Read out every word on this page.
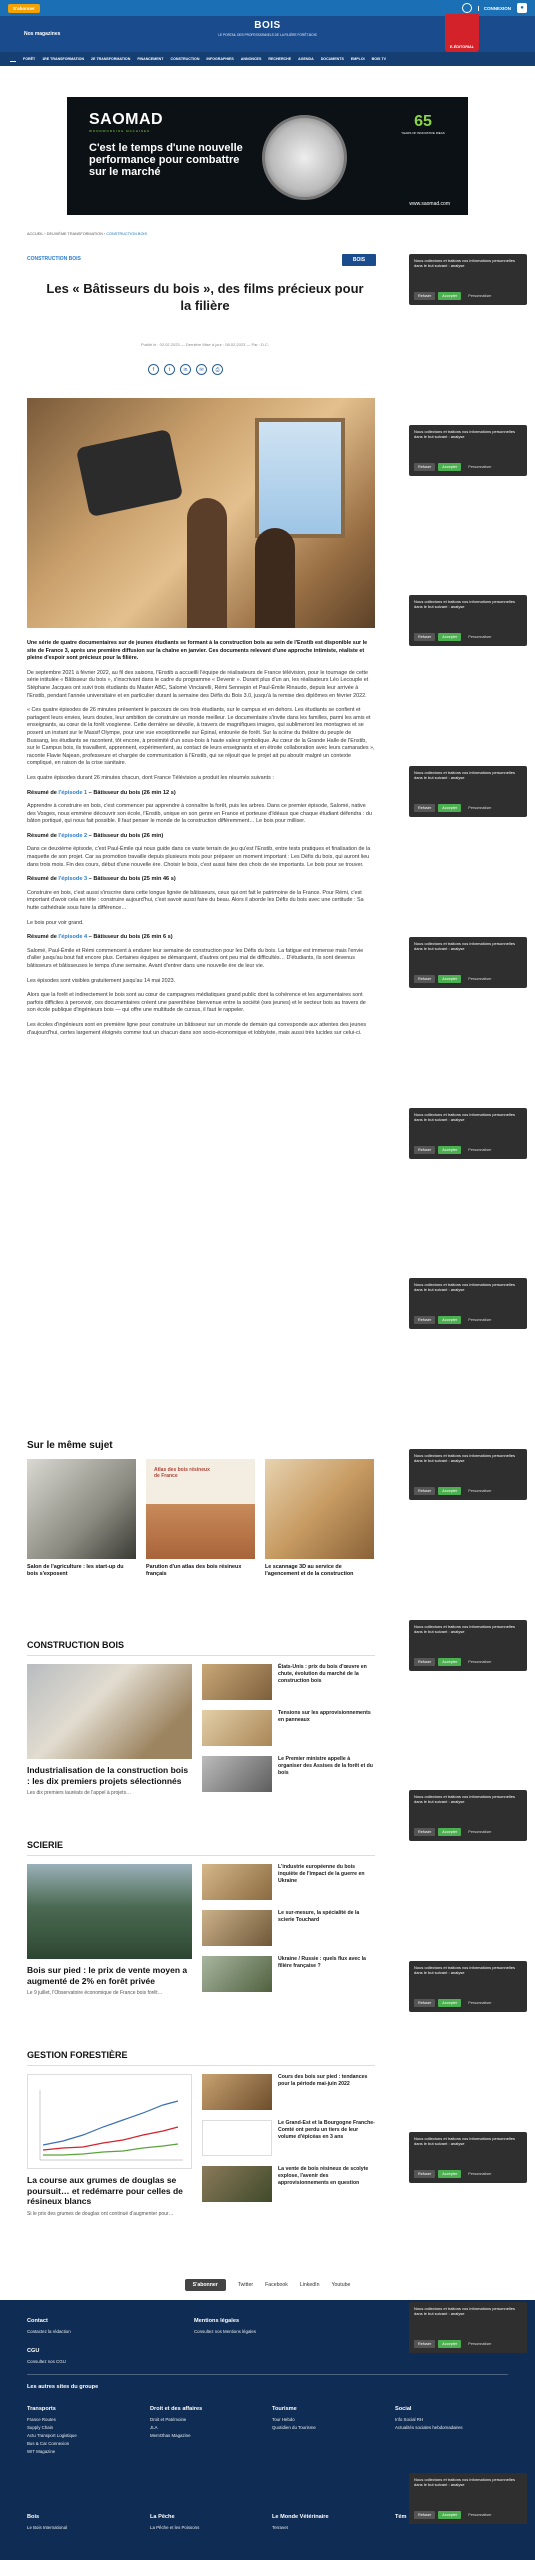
S'abonner	CONNEXION	●
Nos magazines
BOIS
LE PORTAIL DES PROFESSIONNELS DE LA FILIÈRE FORÊT-BOIS
E-ÉDITORIAL
FORÊT 1RE TRANSFORMATION 2E TRANSFORMATION FINANCEMENT CONSTRUCTION INFOGRAPHIES ANNONCES RECHERCHE AGENDA DOCUMENTS EMPLOI BOIS TV
SAOMAD
WOODWORKING MACHINES
C'est le temps d'une nouvelle performance pour combattre sur le marché
65
YEARS OF INNOVATIVE IDEAS
www.saomad.com
ACCUEIL › DEUXIÈME TRANSFORMATION › CONSTRUCTION BOIS
CONSTRUCTION BOIS	BOIS
Les « Bâtisseurs du bois », des films précieux pour la filière
Publié le : 02.02.2023 — Dernière Mise à jour : 08.02.2023 — Par : D.C.
f	t	in	✉	⎙

Une série de quatre documentaires sur de jeunes étudiants se formant à la construction bois au sein de l'Enstib est disponible sur le site de France 3, après une première diffusion sur la chaîne en janvier. Ces documents relevant d'une approche intimiste, réaliste et pleine d'espoir sont précieux pour la filière.

De septembre 2021 à février 2022, au fil des saisons, l'Enstib a accueilli l'équipe de réalisateurs de France télévision, pour le tournage de cette série intitulée « Bâtisseur du bois », s'inscrivant dans le cadre du programme « Devenir ». Durant plus d'un an, les réalisateurs Léo Lecouple et Stéphane Jacques ont suivi trois étudiants du Master ABC, Salomé Vinciarelli, Rémi Sennepin et Paul-Émile Rinaudo, depuis leur arrivée à l'Enstib, pendant l'année universitaire et en particulier durant la semaine des Défis du Bois 3.0, jusqu'à la remise des diplômes en février 2022.

« Ces quatre épisodes de 26 minutes présentent le parcours de ces trois étudiants, sur le campus et en dehors. Les étudiants se confient et partagent leurs envies, leurs doutes, leur ambition de construire un monde meilleur. Le documentaire s'invite dans les familles, parmi les amis et enseignants, au cœur de la forêt vosgienne. Cette dernière se dévoile, à travers de magnifiques images, qui sublimeront les montagnes et se posent un instant sur le Massif Olympe, pour une vue exceptionnelle sur Épinal, entourée de forêt. Sur la scène du théâtre du peuple de Bussang, les étudiants se racontent, tôt encore, à proximité d'un sous-bois à haute valeur symbolique. Au cœur de la Grande Halle de l'Enstib, sur le Campus bois, ils travaillent, apprennent, expérimentent, au contact de leurs enseignants et en étroite collaboration avec leurs camarades », raconte Flavie Najean, professeure et chargée de communication à l'Enstib, qui se réjouit que le projet ait pu aboutir malgré un contexte compliqué, en raison de la crise sanitaire.

Les quatre épisodes durant 26 minutes chacun, dont France Télévision a produit les résumés suivants :

Résumé de l'épisode 1 – Bâtisseur du bois (26 min 12 s)

Apprendre à construire en bois, c'est commencer par apprendre à connaître la forêt, puis les arbres. Dans ce premier épisode, Salomé, native des Vosges, nous emmène découvrir son école, l'Enstib, unique en son genre en France et porteuse d'idéaux que chaque étudiant défendra : du bâton portiqué, qui nous fait possible. Il faut penser le monde de la construction différemment… Le bois pour milliser.

Résumé de l'épisode 2 – Bâtisseur du bois (26 min)

Dans ce deuxième épisode, c'est Paul-Émile qui nous guide dans ce vaste terrain de jeu qu'est l'Enstib, entre tests pratiques et finalisation de la maquette de son projet. Car sa promotion travaille depuis plusieurs mois pour préparer un moment important : Les Défis du bois, qui auront lieu dans trois mois. Fin des cours, début d'une nouvelle ère. Choisir le bois, c'est aussi faire des choix de vie importants. Le bois pour se trouver.

Résumé de l'épisode 3 – Bâtisseur du bois (25 min 46 s)

Construire en bois, c'est aussi s'inscrire dans cette longue lignée de bâtisseurs, ceux qui ont fait le patrimoine de la France. Pour Rémi, c'est important d'avoir cela en tête : construire aujourd'hui, c'est savoir aussi faire du beau. Alors il aborde les Défis du bois avec une certitude : Sa hutte cathédrale sous faire la différence…

Le bois pour voir grand.

Résumé de l'épisode 4 – Bâtisseur du bois (26 min 6 s)

Salomé, Paul-Émile et Rémi commencent à endurer leur semaine de construction pour les Défis du bois. La fatigue est immense mais l'envie d'aller jusqu'au bout fait encore plus. Certaines équipes se démarquent, d'autres ont peu mal de difficultés… D'étudiants, ils sont devenus bâtisseurs et bâtisseuses le temps d'une semaine. Avant d'entrer dans une nouvelle ère de leur vie.

Les épisodes sont visibles gratuitement jusqu'au 14 mai 2023.

Alors que la forêt et indirectement le bois sont au cœur de campagnes médiatiques grand public dont la cohérence et les argumentaires sont parfois difficiles à percevoir, ces documentaires créent une parenthèse bienvenue entre la société (ses jeunes) et le secteur bois au travers de son école publique d'ingénieurs bois — qui offre une multitude de cursus, il faut le rappeler.

Les écoles d'ingénieurs sont en première ligne pour construire un bâtisseur sur un monde de demain qui corresponde aux attentes des jeunes d'aujourd'hui, certes largement éloignés comme tout un chacun dans son socio-économique et lobbyiste, mais aussi très lucides sur celui-ci.

Sur le même sujet
Salon de l'agriculture : les start-up du bois s'exposent
Atlas des bois résineux de France
Parution d'un atlas des bois résineux français
Le scannage 3D au service de l'agencement et de la construction
CONSTRUCTION BOIS
Industrialisation de la construction bois : les dix premiers projets sélectionnés
Les dix premiers lauréats de l'appel à projets…
États-Unis : prix du bois d'œuvre en chute, évolution du marché de la construction bois
Tensions sur les approvisionnements en panneaux
Le Premier ministre appelle à organiser des Assises de la forêt et du bois
SCIERIE
Bois sur pied : le prix de vente moyen a augmenté de 2% en forêt privée
Le 9 juillet, l'Observatoire économique de France bois forêt…
L'industrie européenne du bois inquiète de l'impact de la guerre en Ukraine
Le sur-mesure, la spécialité de la scierie Touchard
Ukraine / Russie : quels flux avec la filière française ?
GESTION FORESTIÈRE
La course aux grumes de douglas se poursuit… et redémarre pour celles de résineux blancs
Si le prix des grumes de douglas ont continué d'augmenter pour…
Cours des bois sur pied : tendances pour la période mai-juin 2022
Le Grand-Est et la Bourgogne Franche-Comté ont perdu un tiers de leur volume d'épicéas en 3 ans
La vente de bois résineux de scolyte explose, l'avenir des approvisionnements en question
S'abonner	Twitter Facebook LinkedIn Youtube
Contact
Contactez la rédaction
Mentions légales
Consultez nos Mentions légales
CGU
Consultez nos CGU
Les autres sites du groupe
Transports
France Routes
Supply Chain
Actu Transport Logistique
Bus & Car Connexion
WIT Magazine
Droit et des affaires
Droit et Patrimoine
JLA
MemOhas Magazine
Tourisme
Tour Hebdo
Quotidien du Tourisme
Social
Info Social RH
Actualités sociales hebdomadaires
Bois
Le Bois International
La Pêche
La Pêche et les Poissons
Le Monde Vétérinaire
Terravet
Tém
Nous collectons et traitons vos informations personnelles dans le but suivant : analyse
Refuser	Accepter	Personnaliser
Nous collectons et traitons vos informations personnelles dans le but suivant : analyse
Refuser	Accepter	Personnaliser
Nous collectons et traitons vos informations personnelles dans le but suivant : analyse
Refuser	Accepter	Personnaliser
Nous collectons et traitons vos informations personnelles dans le but suivant : analyse
Refuser	Accepter	Personnaliser
Nous collectons et traitons vos informations personnelles dans le but suivant : analyse
Refuser	Accepter	Personnaliser
Nous collectons et traitons vos informations personnelles dans le but suivant : analyse
Refuser	Accepter	Personnaliser
Nous collectons et traitons vos informations personnelles dans le but suivant : analyse
Refuser	Accepter	Personnaliser
Nous collectons et traitons vos informations personnelles dans le but suivant : analyse
Refuser	Accepter	Personnaliser
Nous collectons et traitons vos informations personnelles dans le but suivant : analyse
Refuser	Accepter	Personnaliser
Nous collectons et traitons vos informations personnelles dans le but suivant : analyse
Refuser	Accepter	Personnaliser
Nous collectons et traitons vos informations personnelles dans le but suivant : analyse
Refuser	Accepter	Personnaliser
Nous collectons et traitons vos informations personnelles dans le but suivant : analyse
Refuser	Accepter	Personnaliser
Nous collectons et traitons vos informations personnelles dans le but suivant : analyse
Refuser	Accepter	Personnaliser
Nous collectons et traitons vos informations personnelles dans le but suivant : analyse
Refuser	Accepter	Personnaliser
